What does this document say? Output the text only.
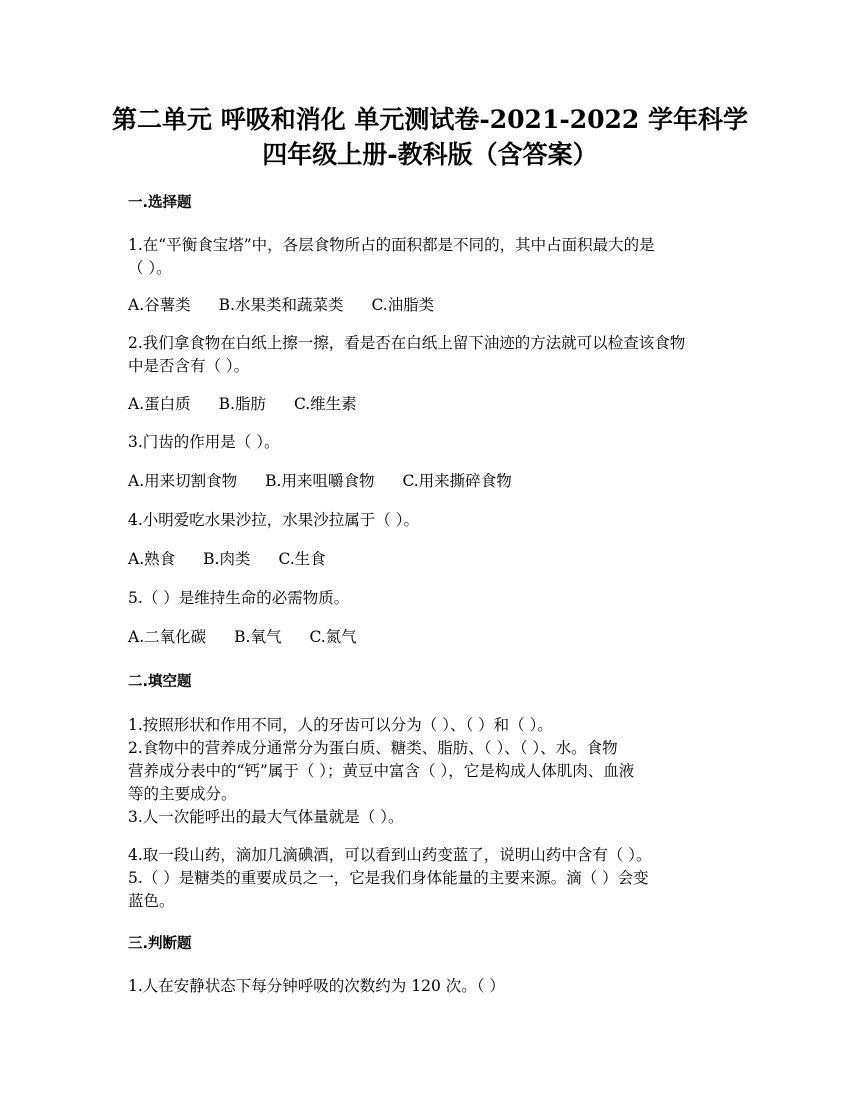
第二单元 呼吸和消化 单元测试卷-2021-2022 学年科学
四年级上册-教科版（含答案）
一.选择题
1.在“平衡食宝塔”中，各层食物所占的面积都是不同的，其中占面积最大的是
（ ）。
A.谷薯类 B.水果类和蔬菜类 C.油脂类
2.我们拿食物在白纸上擦一擦，看是否在白纸上留下油迹的方法就可以检查该食物
中是否含有（ ）。
A.蛋白质 B.脂肪 C.维生素
3.门齿的作用是（ ）。
A.用来切割食物 B.用来咀嚼食物 C.用来撕碎食物
4.小明爱吃水果沙拉，水果沙拉属于（ ）。
A.熟食 B.肉类 C.生食
5.（ ）是维持生命的必需物质。
A.二氧化碳 B.氧气 C.氮气
二.填空题
1.按照形状和作用不同，人的牙齿可以分为（ ）、（ ）和（ ）。
2.食物中的营养成分通常分为蛋白质、糖类、脂肪、（ ）、（ ）、水。食物
营养成分表中的“钙”属于（ ）；黄豆中富含（ ），它是构成人体肌肉、血液
等的主要成分。
3.人一次能呼出的最大气体量就是（ ）。
4.取一段山药，滴加几滴碘酒，可以看到山药变蓝了，说明山药中含有（ ）。
5.（ ）是糖类的重要成员之一，它是我们身体能量的主要来源。滴（ ）会变
蓝色。
三.判断题
1.人在安静状态下每分钟呼吸的次数约为 120 次。（ ）
